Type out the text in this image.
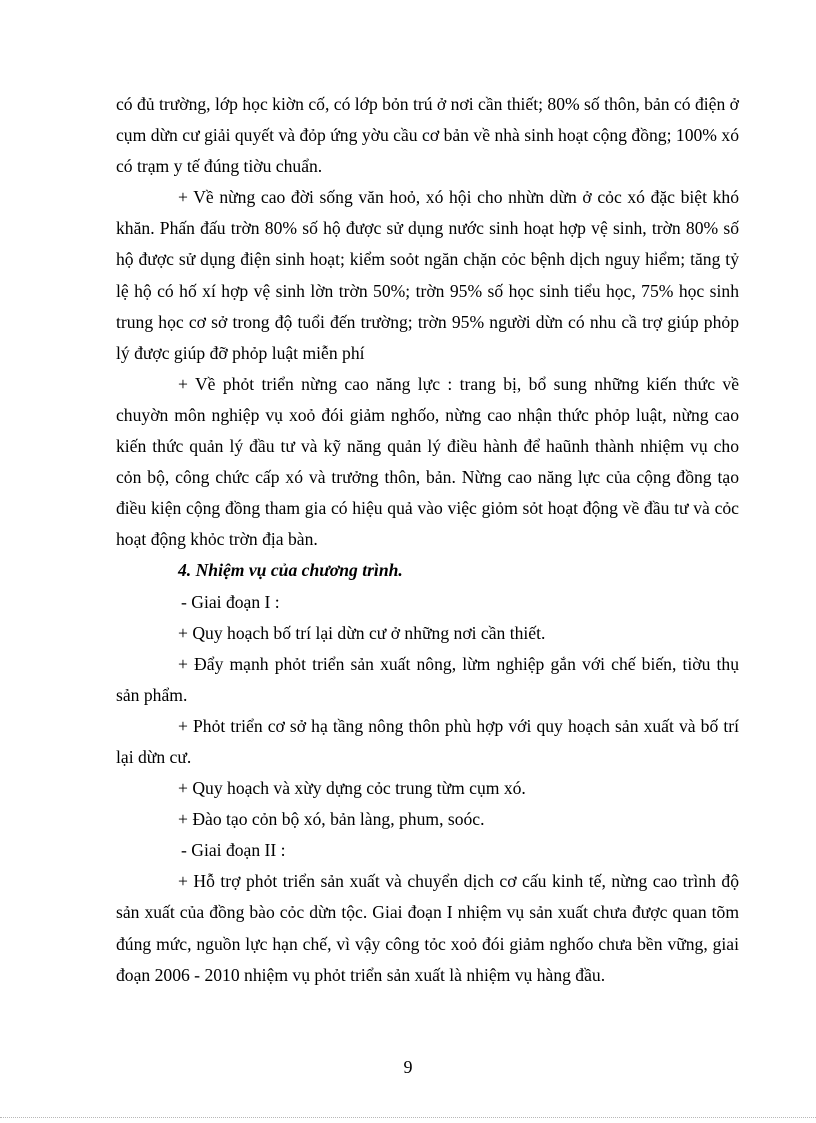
có đủ trường, lớp học kiờn cố, có lớp bỏn trú ở nơi cần thiết; 80% số thôn, bản có điện ở cụm dừn cư giải quyết và đỏp ứng yờu cầu cơ bản về nhà sinh hoạt cộng đồng; 100% xó có trạm y tế đúng tiờu chuẩn.

+ Về nừng cao đời sống văn hoỏ, xó hội cho nhừn dừn ở cỏc xó đặc biệt khó khăn. Phấn đấu trờn 80% số hộ được sử dụng nước sinh hoạt hợp vệ sinh, trờn 80% số hộ được sử dụng điện sinh hoạt; kiểm soỏt ngăn chặn cỏc bệnh dịch nguy hiểm; tăng tỷ lệ hộ có hố xí hợp vệ sinh lờn trờn 50%; trờn 95% số học sinh tiểu học, 75% học sinh trung học cơ sở trong độ tuổi đến trường; trờn 95% người dừn có nhu cầ trợ giúp phỏp lý được giúp đỡ phỏp luật miễn phí

+ Về phỏt triển nừng cao năng lực : trang bị, bổ sung những kiến thức về chuyờn môn nghiệp vụ xoỏ đói giảm nghốo, nừng cao nhận thức phỏp luật, nừng cao kiến thức quản lý đầu tư và kỹ năng quản lý điều hành để haũnh thành nhiệm vụ cho cỏn bộ, công chức cấp xó và trưởng thôn, bản. Nừng cao năng lực của cộng đồng tạo điều kiện cộng đồng tham gia có hiệu quả vào việc giỏm sỏt hoạt động về đầu tư và cỏc hoạt động khỏc trờn địa bàn.

4. Nhiệm vụ của chương trình.

- Giai đoạn I :

+ Quy hoạch bố trí lại dừn cư ở những nơi cần thiết.

+ Đẩy mạnh phỏt triển sản xuất nông, lừm nghiệp gắn với chế biến, tiờu thụ sản phẩm.

+ Phỏt triển cơ sở hạ tầng nông thôn phù hợp với quy hoạch sản xuất và bố trí lại dừn cư.

+ Quy hoạch và xừy dựng cỏc trung từm cụm xó.

+ Đào tạo cỏn bộ xó, bản làng, phum, soóc.

- Giai đoạn II :

+ Hỗ trợ phỏt triển sản xuất và chuyển dịch cơ cấu kinh tế, nừng cao trình độ sản xuất của đồng bào cỏc dừn tộc. Giai đoạn I nhiệm vụ sản xuất chưa được quan tõm đúng mức, nguồn lực hạn chế, vì vậy công tỏc xoỏ đói giảm nghốo chưa bền vững, giai đoạn 2006 - 2010 nhiệm vụ phỏt triển sản xuất là nhiệm vụ hàng đầu.

9
